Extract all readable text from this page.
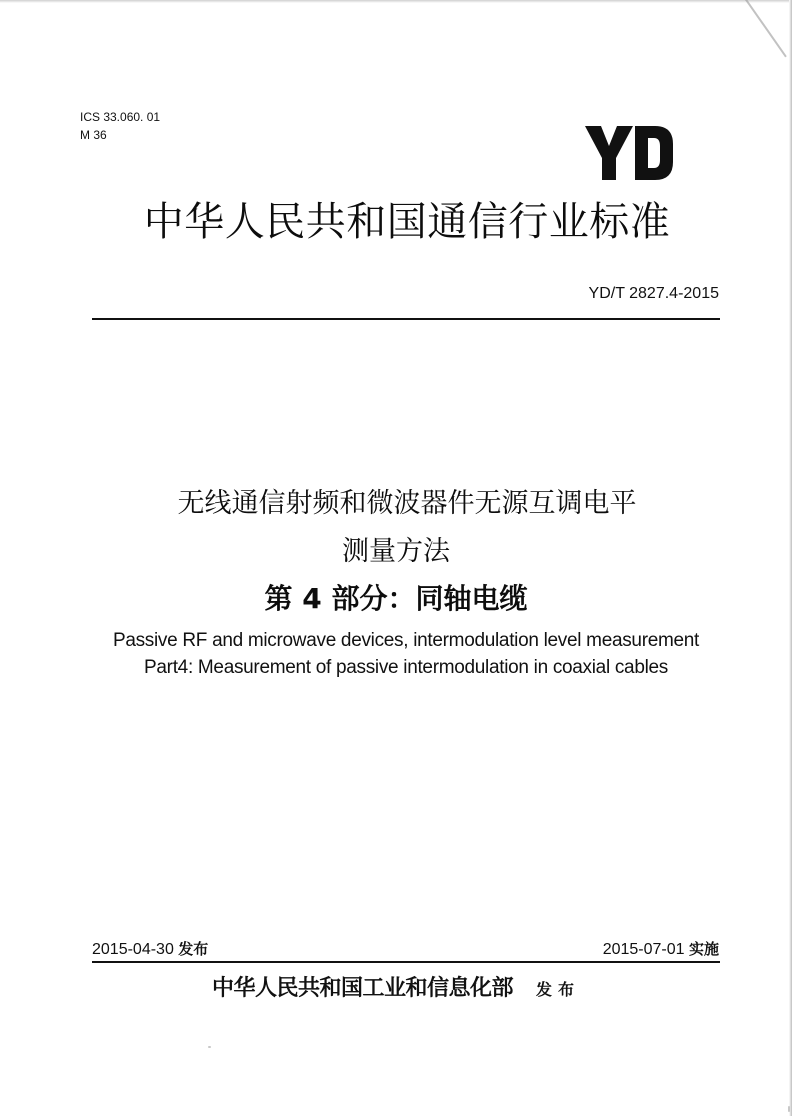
ICS 33.060. 01
M 36
中华人民共和国通信行业标准
YD/T 2827.4-2015
无线通信射频和微波器件无源互调电平
测量方法
第 4 部分：同轴电缆
Passive RF and microwave devices, intermodulation level measurement
Part4: Measurement of passive intermodulation in coaxial cables
2015-04-30 发布	2015-07-01 实施
中华人民共和国工业和信息化部 发布
